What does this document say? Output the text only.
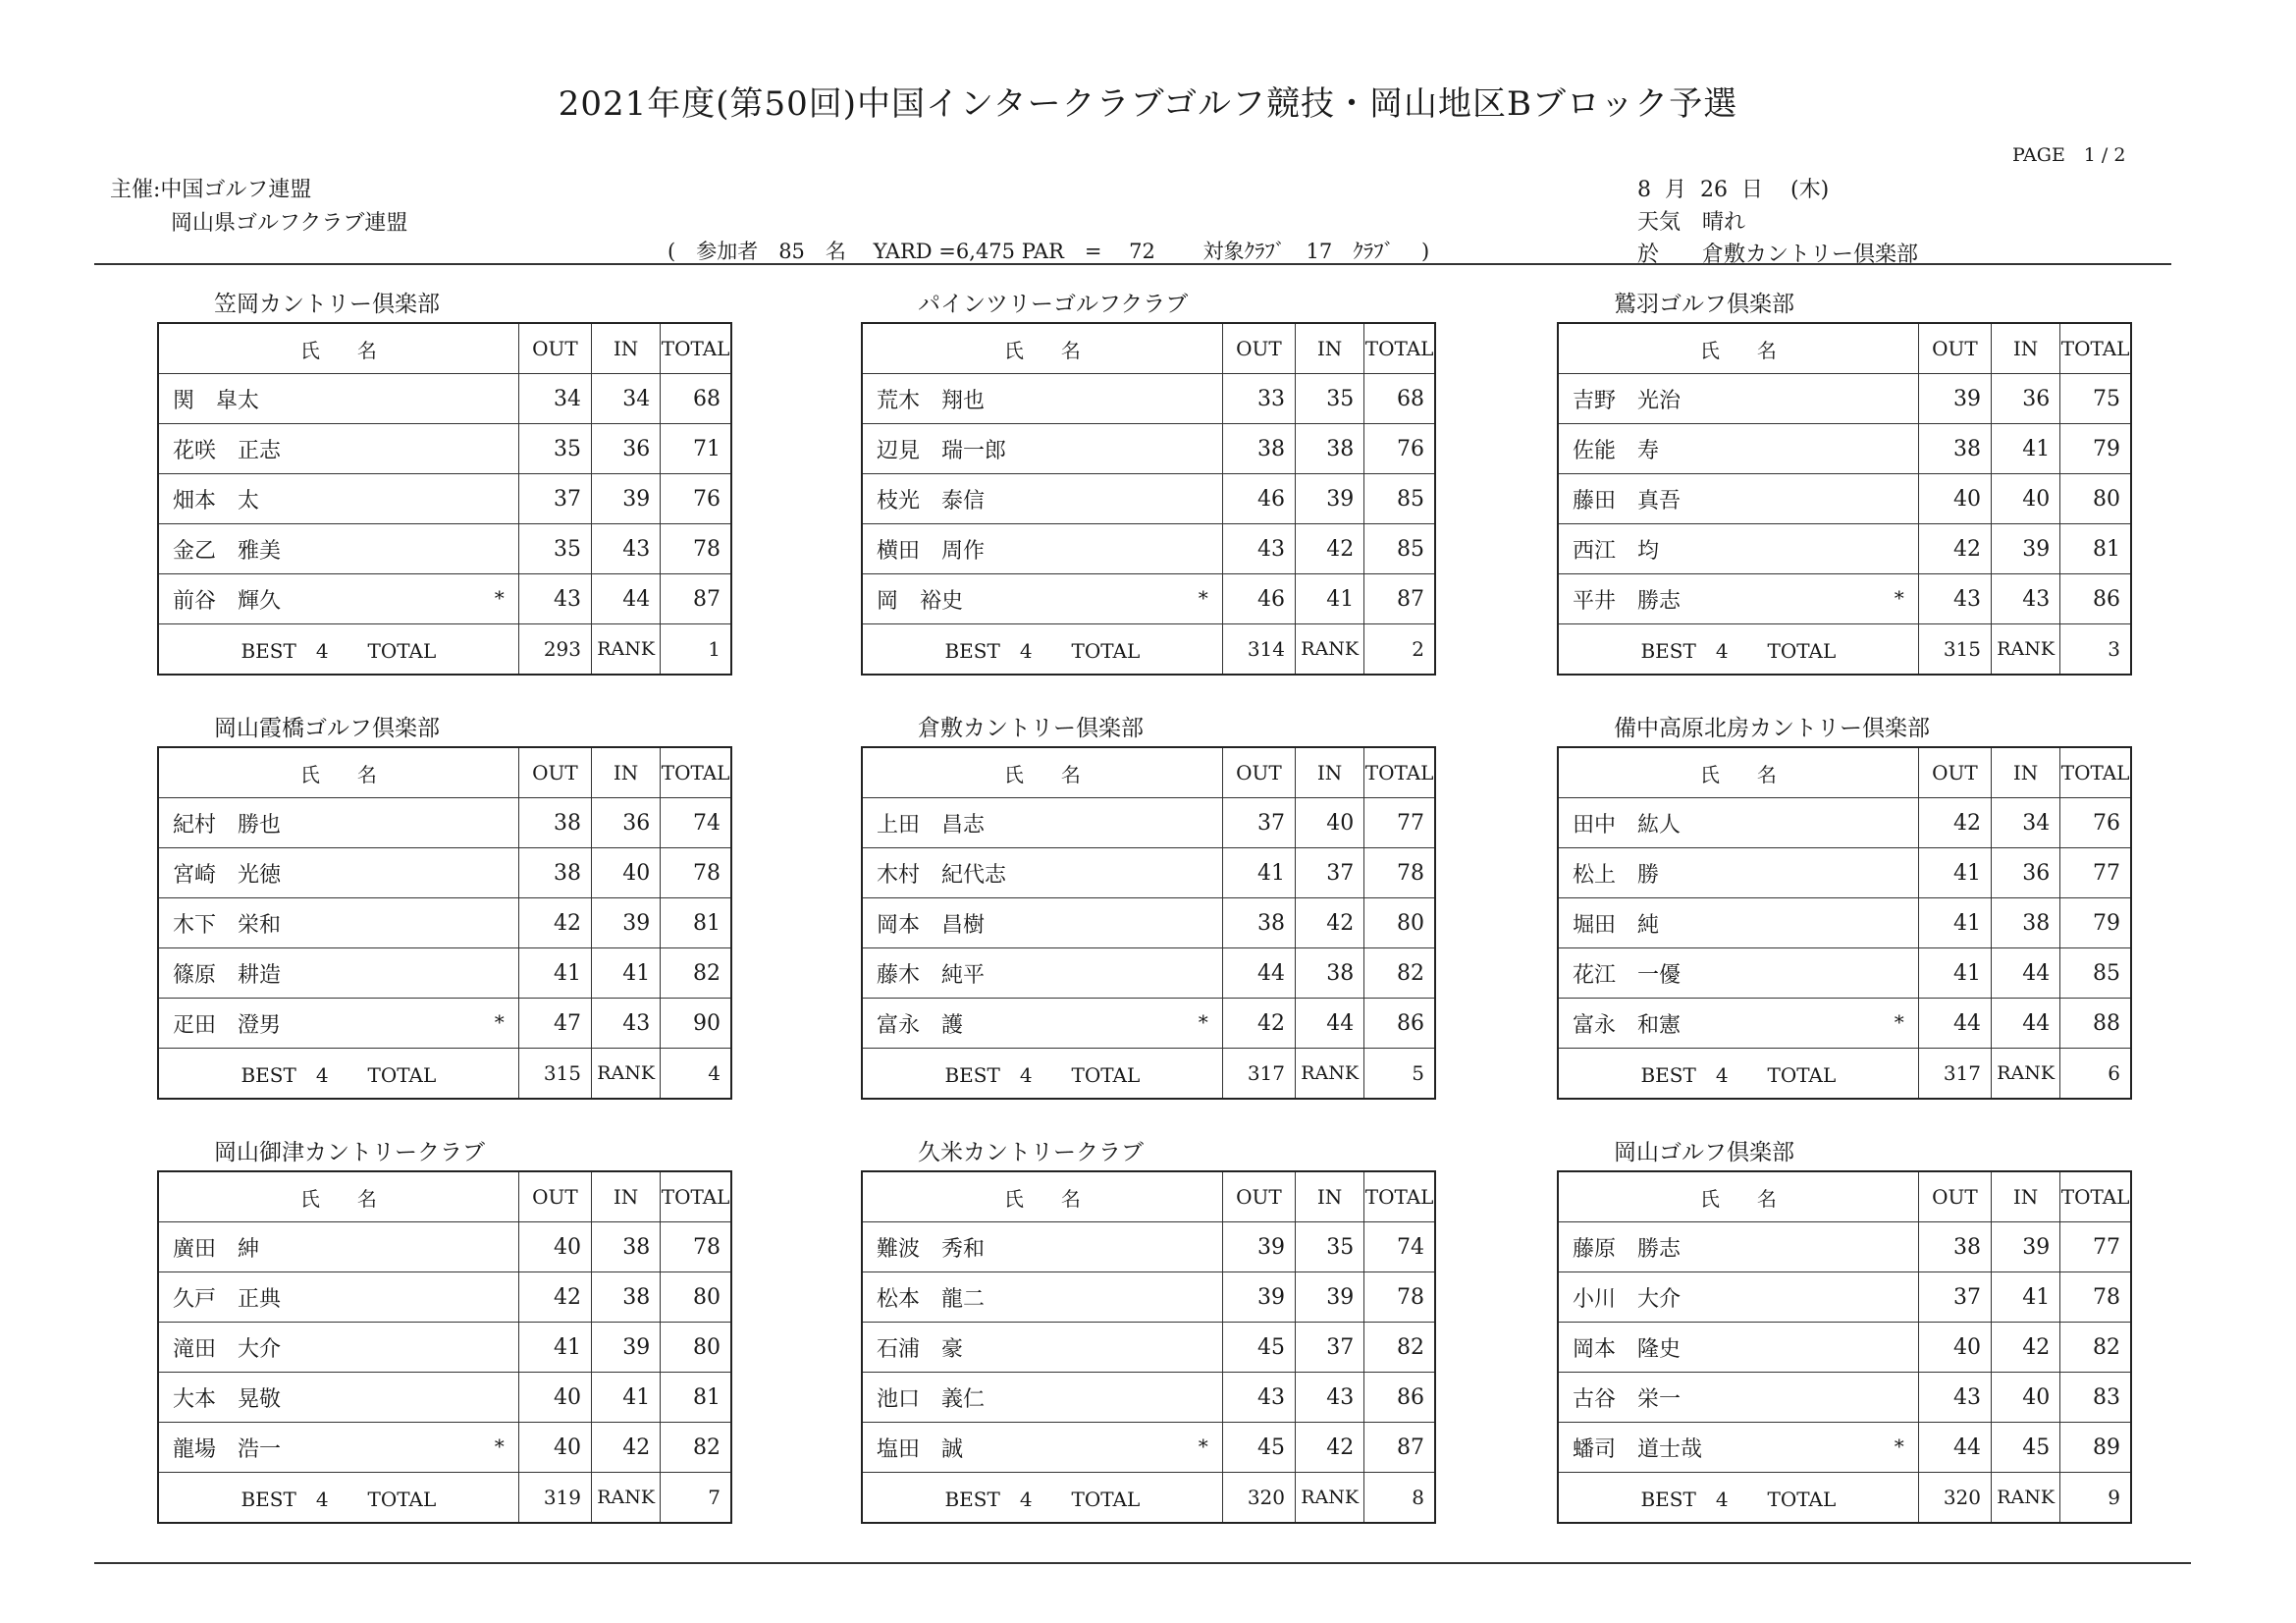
2021年度(第50回)中国インタークラブゴルフ競技・岡山地区Bブロック予選
PAGE　1 / 2
主催:中国ゴルフ連盟
岡山県ゴルフクラブ連盟
8 月 26 日 (木)
天気　晴れ
於　　倉敷カントリー倶楽部
(　参加者　85　名　 YARD =6,475 PAR　=　 72　　 対象ｸﾗﾌﾞ　17　ｸﾗﾌﾞ　 )
笠岡カントリー倶楽部
氏名	OUT	IN	TOTAL
関　皐太	34	34	68
花咲　正志	35	36	71
畑本　太	37	39	76
金乙　雅美	35	43	78
前谷　輝久 *	43	44	87
BEST　4　　TOTAL	293	RANK	1
パインツリーゴルフクラブ
氏名	OUT	IN	TOTAL
荒木　翔也	33	35	68
辺見　瑞一郎	38	38	76
枝光　泰信	46	39	85
横田　周作	43	42	85
岡　裕史 *	46	41	87
BEST　4　　TOTAL	314	RANK	2
鷲羽ゴルフ倶楽部
氏名	OUT	IN	TOTAL
吉野　光治	39	36	75
佐能　寿	38	41	79
藤田　真吾	40	40	80
西江　均	42	39	81
平井　勝志 *	43	43	86
BEST　4　　TOTAL	315	RANK	3
岡山霞橋ゴルフ倶楽部
氏名	OUT	IN	TOTAL
紀村　勝也	38	36	74
宮崎　光徳	38	40	78
木下　栄和	42	39	81
篠原　耕造	41	41	82
疋田　澄男 *	47	43	90
BEST　4　　TOTAL	315	RANK	4
倉敷カントリー倶楽部
氏名	OUT	IN	TOTAL
上田　昌志	37	40	77
木村　紀代志	41	37	78
岡本　昌樹	38	42	80
藤木　純平	44	38	82
富永　護 *	42	44	86
BEST　4　　TOTAL	317	RANK	5
備中高原北房カントリー倶楽部
氏名	OUT	IN	TOTAL
田中　紘人	42	34	76
松上　勝	41	36	77
堀田　純	41	38	79
花江　一優	41	44	85
富永　和憲 *	44	44	88
BEST　4　　TOTAL	317	RANK	6
岡山御津カントリークラブ
氏名	OUT	IN	TOTAL
廣田　紳	40	38	78
久戸　正典	42	38	80
滝田　大介	41	39	80
大本　晃敬	40	41	81
龍場　浩一 *	40	42	82
BEST　4　　TOTAL	319	RANK	7
久米カントリークラブ
氏名	OUT	IN	TOTAL
難波　秀和	39	35	74
松本　龍二	39	39	78
石浦　豪	45	37	82
池口　義仁	43	43	86
塩田　誠 *	45	42	87
BEST　4　　TOTAL	320	RANK	8
岡山ゴルフ倶楽部
氏名	OUT	IN	TOTAL
藤原　勝志	38	39	77
小川　大介	37	41	78
岡本　隆史	40	42	82
古谷　栄一	43	40	83
蟠司　道士哉 *	44	45	89
BEST　4　　TOTAL	320	RANK	9
